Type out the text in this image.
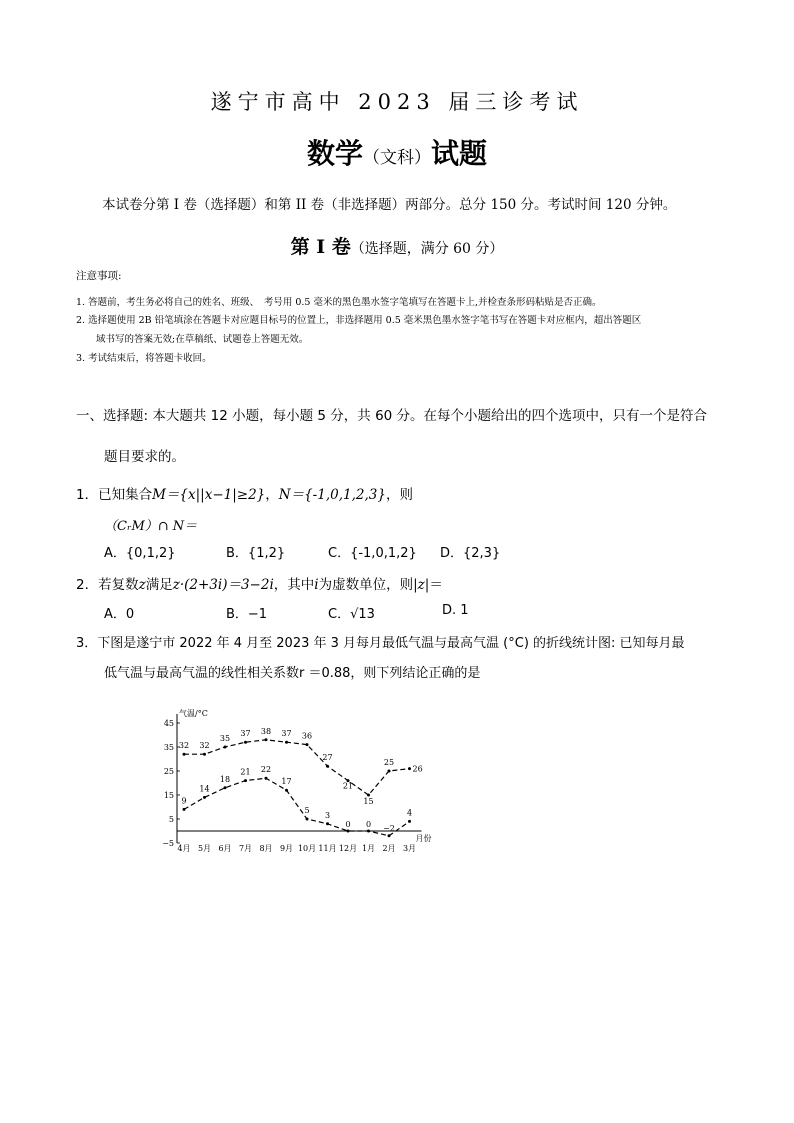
遂宁市高中 2023 届三诊考试
数学（文科）试题
本试卷分第 I 卷（选择题）和第 II 卷（非选择题）两部分。总分 150 分。考试时间 120 分钟。
第 Ⅰ 卷（选择题，满分 60 分）
注意事项:
1. 答题前，考生务必将自己的姓名、班级、　考号用 0.5 毫米的黑色墨水签字笔填写在答题卡上,并检查条形码粘贴是否正确。
2. 选择题使用 2B 铅笔填涂在答题卡对应题目标号的位置上，非选择题用 0.5 毫米黑色墨水签字笔书写在答题卡对应框内，超出答题区
域书写的答案无效;在草稿纸、试题卷上答题无效。
3. 考试结束后，将答题卡收回。
一、选择题: 本大题共 12 小题，每小题 5 分，共 60 分。在每个小题给出的四个选项中，只有一个是符合
题目要求的。
1．已知集合M＝{x||x−1|≥2}，N＝{-1,0,1,2,3}，则
（CᵣM）∩ N＝
A．{0,1,2}	B．{1,2}	C．{-1,0,1,2} D．{2,3}
2．若复数z满足z·(2+3i)＝3−2i，其中i为虚数单位，则|z|＝
A．0	B．−1	C．√13	D. 1
3．下图是遂宁市 2022 年 4 月至 2023 年 3 月每月最低气温与最高气温 (°C) 的折线统计图: 已知每月最
低气温与最高气温的线性相关系数r ＝0.88，则下列结论正确的是
45
35
25
15
5
−5
气温/°C
月份
4月 5月 6月 7月 8月 9月 10月 11月 12月 1月 2月 3月
32 32
35
37 38 37 36
27
21
15
25
26
9
14
18
21 22
17
5
3
0 0 −2
4
